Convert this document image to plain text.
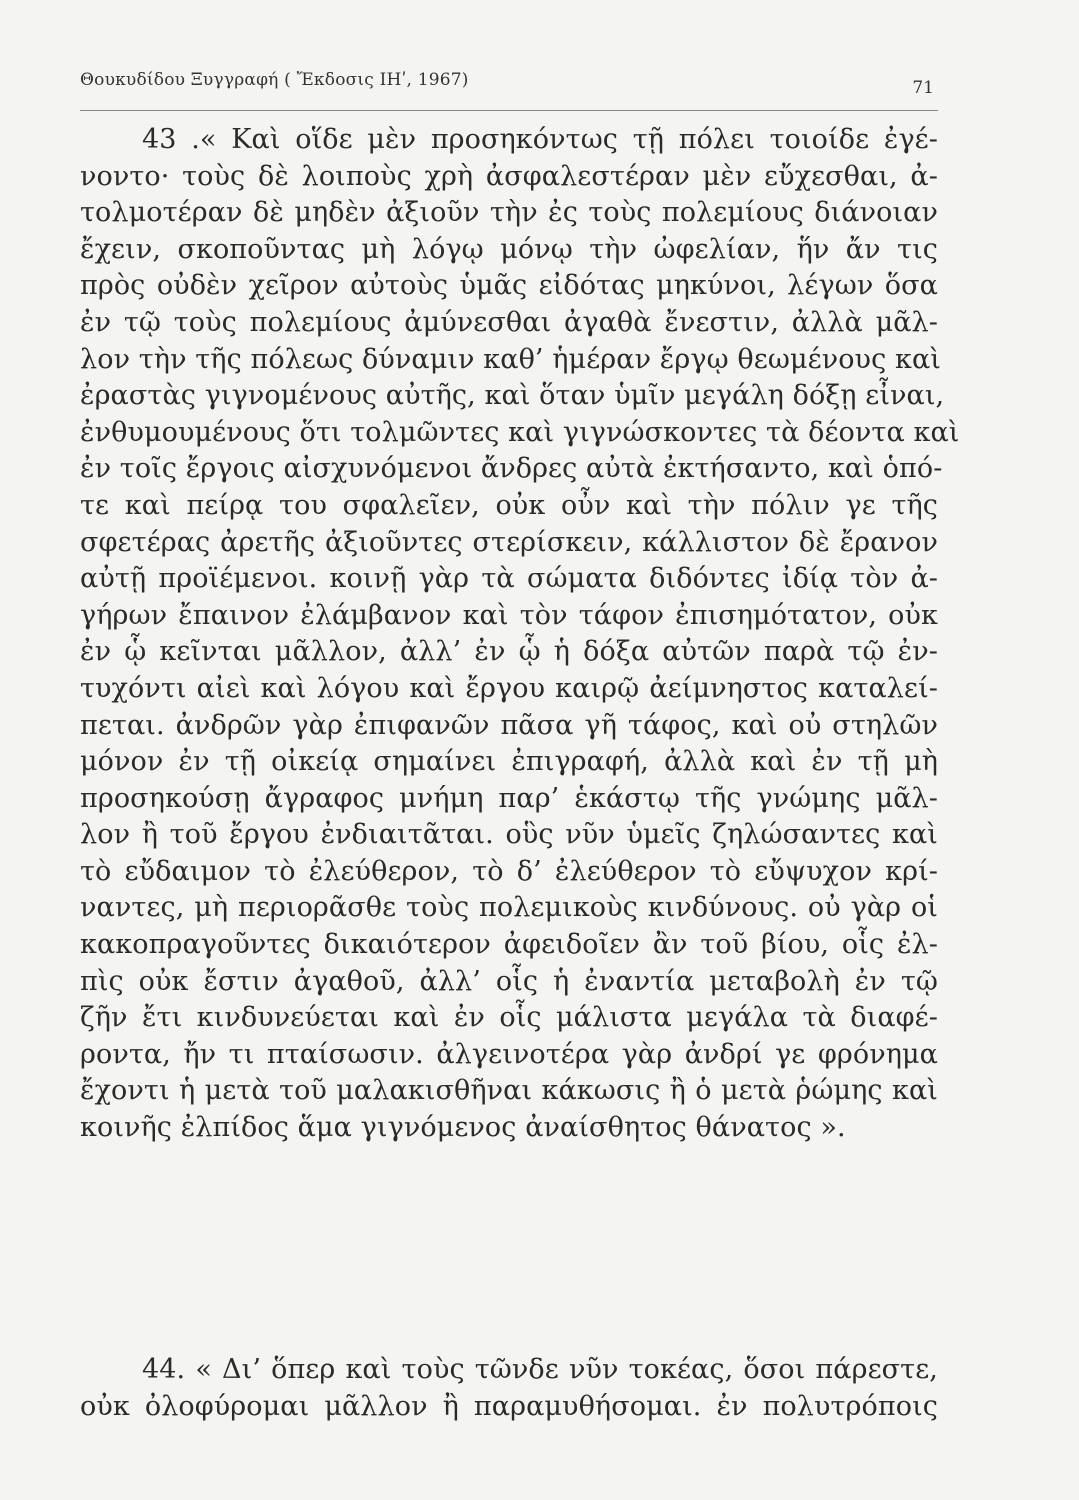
Θουκυδίδου Ξυγγραφή ( Ἔκδοσις ΙΗʹ, 1967)	71
43 .« Καὶ οἵδε μὲν προσηκόντως τῇ πόλει τοιοίδε ἐγέ-
νοντο· τοὺς δὲ λοιποὺς χρὴ ἀσφαλεστέραν μὲν εὔχεσθαι, ἀ-
τολμοτέραν δὲ μηδὲν ἀξιοῦν τὴν ἐς τοὺς πολεμίους διάνοιαν
ἔχειν, σκοποῦντας μὴ λόγῳ μόνῳ τὴν ὠφελίαν, ἥν ἄν τις
πρὸς οὐδὲν χεῖρον αὐτοὺς ὑμᾶς εἰδότας μηκύνοι, λέγων ὅσα
ἐν τῷ τοὺς πολεμίους ἀμύνεσθαι ἀγαθὰ ἔνεστιν, ἀλλὰ μᾶλ-
λον τὴν τῆς πόλεως δύναμιν καθ’ ἡμέραν ἔργῳ θεωμένους καὶ
ἐραστὰς γιγνομένους αὐτῆς, καὶ ὅταν ὑμῖν μεγάλη δόξῃ εἶναι,
ἐνθυμουμένους ὅτι τολμῶντες καὶ γιγνώσκοντες τὰ δέοντα καὶ
ἐν τοῖς ἔργοις αἰσχυνόμενοι ἄνδρες αὐτὰ ἐκτήσαντο, καὶ ὁπό-
τε καὶ πείρᾳ του σφαλεῖεν, οὐκ οὖν καὶ τὴν πόλιν γε τῆς
σφετέρας ἀρετῆς ἀξιοῦντες στερίσκειν, κάλλιστον δὲ ἔρανον
αὐτῇ προϊέμενοι. κοινῇ γὰρ τὰ σώματα διδόντες ἰδίᾳ τὸν ἀ-
γήρων ἔπαινον ἐλάμβανον καὶ τὸν τάφον ἐπισημότατον, οὐκ
ἐν ᾧ κεῖνται μᾶλλον, ἀλλ’ ἐν ᾧ ἡ δόξα αὐτῶν παρὰ τῷ ἐν-
τυχόντι αἰεὶ καὶ λόγου καὶ ἔργου καιρῷ ἀείμνηστος καταλεί-
πεται. ἀνδρῶν γὰρ ἐπιφανῶν πᾶσα γῆ τάφος, καὶ οὐ στηλῶν
μόνον ἐν τῇ οἰκείᾳ σημαίνει ἐπιγραφή, ἀλλὰ καὶ ἐν τῇ μὴ
προσηκούσῃ ἄγραφος μνήμη παρ’ ἑκάστῳ τῆς γνώμης μᾶλ-
λον ἢ τοῦ ἔργου ἐνδιαιτᾶται. οὓς νῦν ὑμεῖς ζηλώσαντες καὶ
τὸ εὔδαιμον τὸ ἐλεύθερον, τὸ δ’ ἐλεύθερον τὸ εὔψυχον κρί-
ναντες, μὴ περιορᾶσθε τοὺς πολεμικοὺς κινδύνους. οὐ γὰρ οἱ
κακοπραγοῦντες δικαιότερον ἀφειδοῖεν ἂν τοῦ βίου, οἷς ἐλ-
πὶς οὐκ ἔστιν ἀγαθοῦ, ἀλλ’ οἷς ἡ ἐναντία μεταβολὴ ἐν τῷ
ζῆν ἔτι κινδυνεύεται καὶ ἐν οἷς μάλιστα μεγάλα τὰ διαφέ-
ροντα, ἤν τι πταίσωσιν. ἀλγεινοτέρα γὰρ ἀνδρί γε φρόνημα
ἔχοντι ἡ μετὰ τοῦ μαλακισθῆναι κάκωσις ἢ ὁ μετὰ ῥώμης καὶ
κοινῆς ἐλπίδος ἅμα γιγνόμενος ἀναίσθητος θάνατος ».
44. « Δι’ ὅπερ καὶ τοὺς τῶνδε νῦν τοκέας, ὅσοι πάρεστε,
οὐκ ὀλοφύρομαι μᾶλλον ἢ παραμυθήσομαι. ἐν πολυτρόποις
